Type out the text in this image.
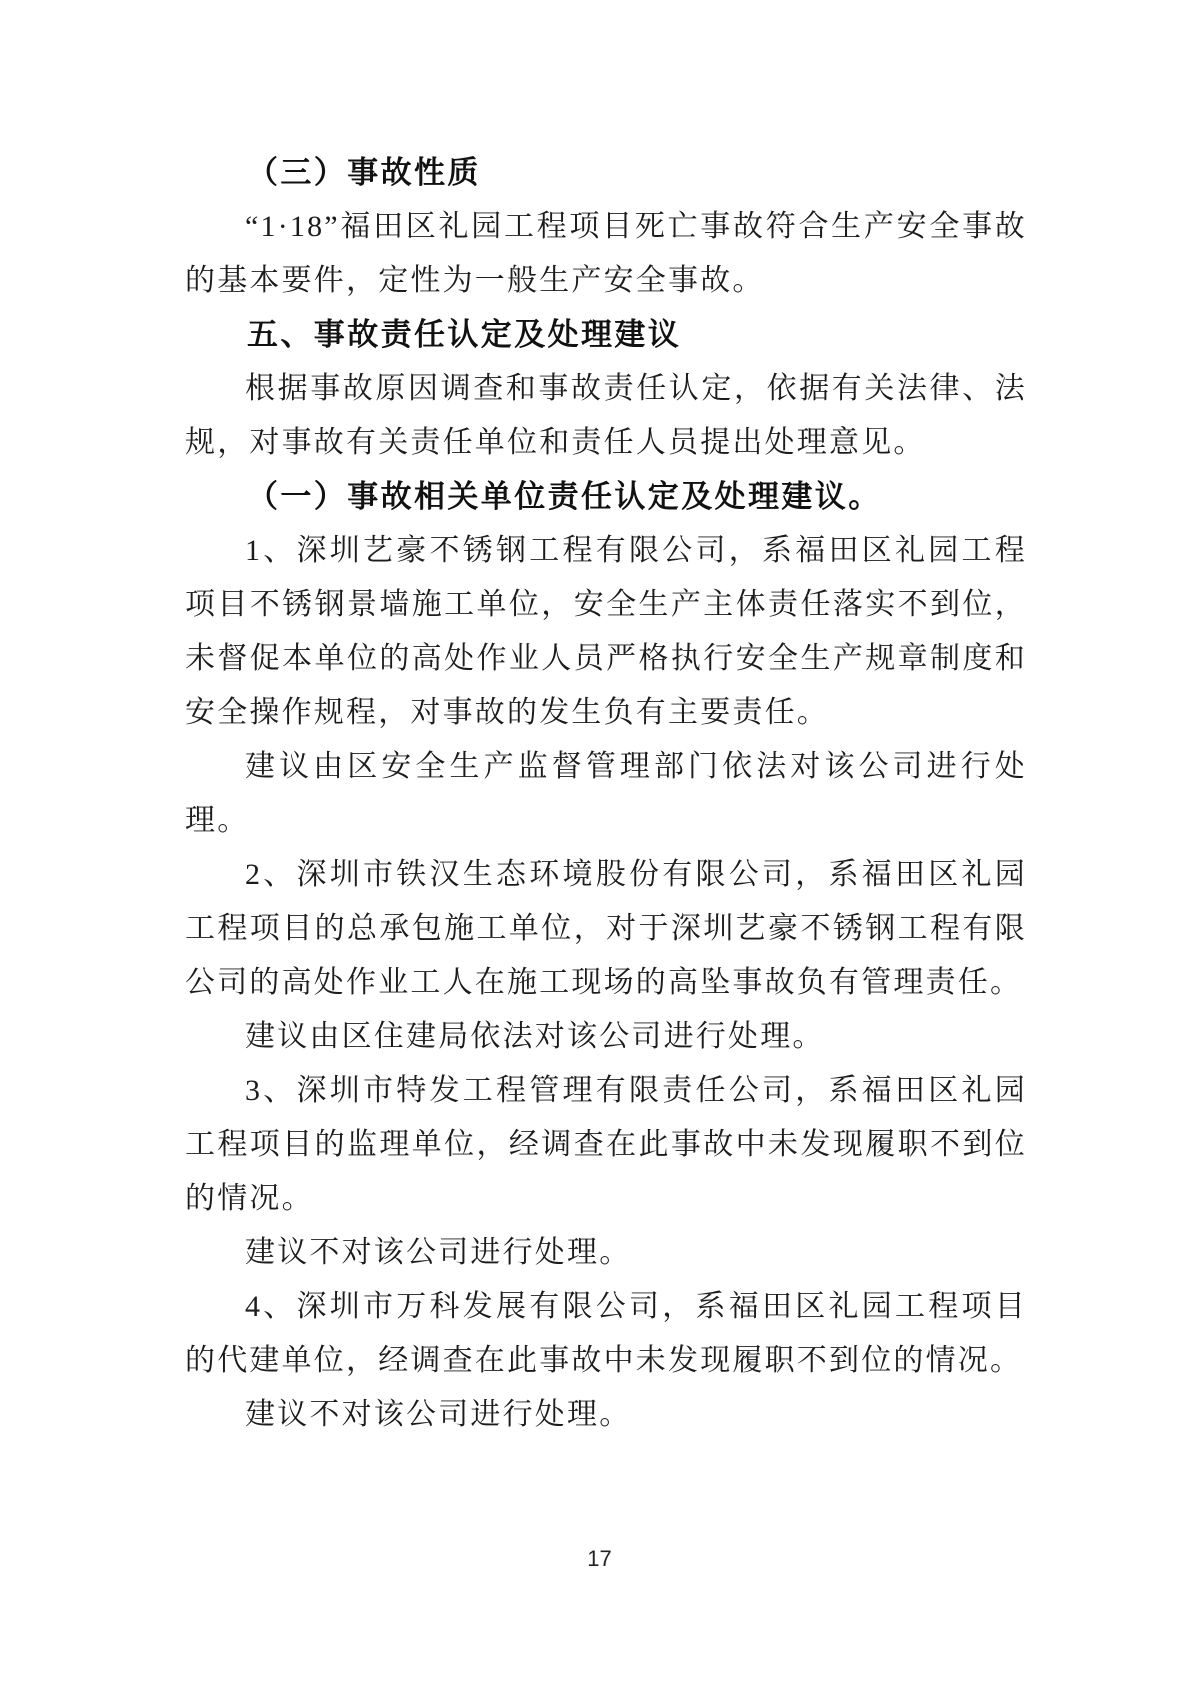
（三）事故性质

“1·18”福田区礼园工程项目死亡事故符合生产安全事故的基本要件，定性为一般生产安全事故。

五、事故责任认定及处理建议

根据事故原因调查和事故责任认定，依据有关法律、法规，对事故有关责任单位和责任人员提出处理意见。

（一）事故相关单位责任认定及处理建议。

1、深圳艺豪不锈钢工程有限公司，系福田区礼园工程项目不锈钢景墙施工单位，安全生产主体责任落实不到位，未督促本单位的高处作业人员严格执行安全生产规章制度和安全操作规程，对事故的发生负有主要责任。

建议由区安全生产监督管理部门依法对该公司进行处理。

2、深圳市铁汉生态环境股份有限公司，系福田区礼园工程项目的总承包施工单位，对于深圳艺豪不锈钢工程有限公司的高处作业工人在施工现场的高坠事故负有管理责任。

建议由区住建局依法对该公司进行处理。

3、深圳市特发工程管理有限责任公司，系福田区礼园工程项目的监理单位，经调查在此事故中未发现履职不到位的情况。

建议不对该公司进行处理。

4、深圳市万科发展有限公司，系福田区礼园工程项目的代建单位，经调查在此事故中未发现履职不到位的情况。

建议不对该公司进行处理。

17
